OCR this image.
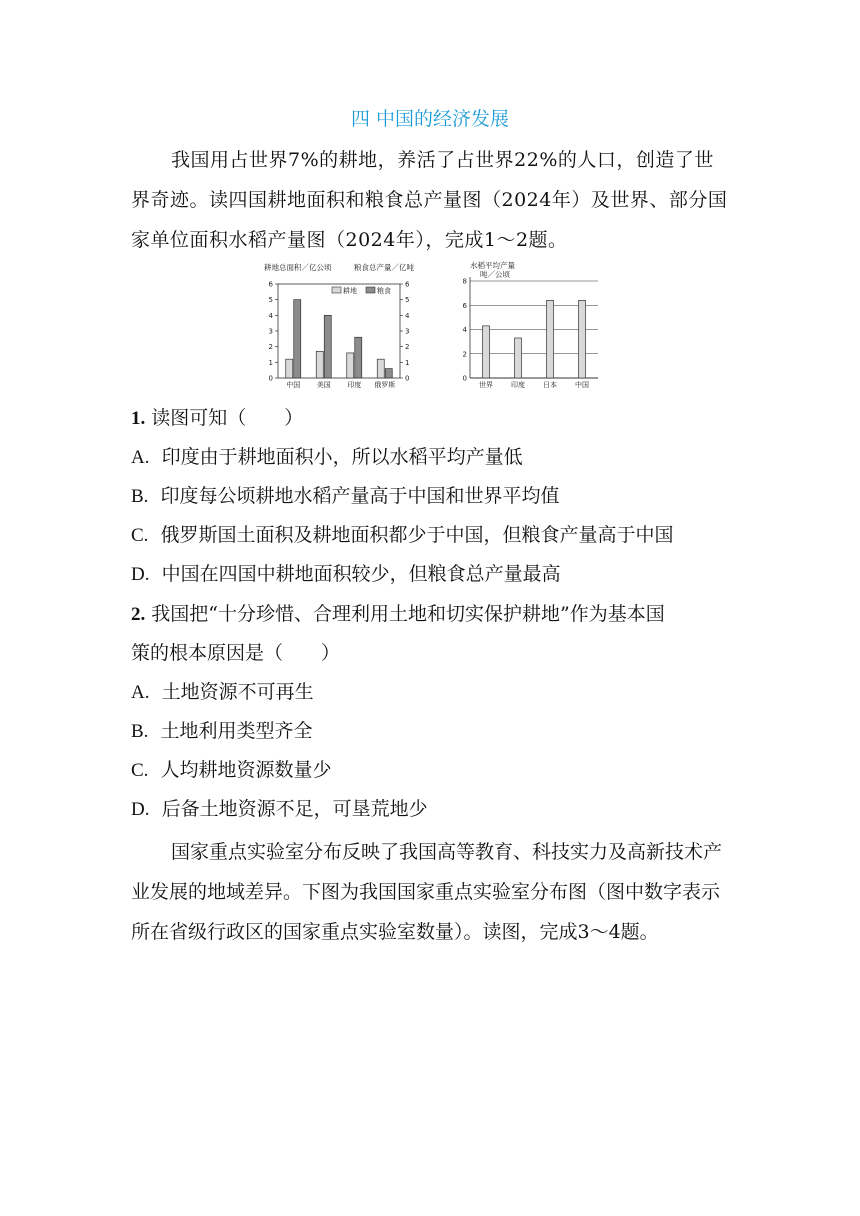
四 中国的经济发展

我国用占世界7%的耕地，养活了占世界22%的人口，创造了世界奇迹。读四国耕地面积和粮食总产量图（2024年）及世界、部分国家单位面积水稻产量图（2024年），完成1～2题。

耕地总面积／亿公顷	粮食总产量／亿吨
0	0
1	1
2	2
3	3
4	4
5	5
6	6
中国 美国 印度 俄罗斯
耕地	粮食
水稻平均产量
吨／公顷
0
2
4
6
8
世界	印度	日本	中国
1. 读图可知（　　）
A. 印度由于耕地面积小，所以水稻平均产量低
B. 印度每公顷耕地水稻产量高于中国和世界平均值
C. 俄罗斯国土面积及耕地面积都少于中国，但粮食产量高于中国
D. 中国在四国中耕地面积较少，但粮食总产量最高
2. 我国把“十分珍惜、合理利用土地和切实保护耕地”作为基本国
策的根本原因是（　　）
A. 土地资源不可再生
B. 土地利用类型齐全
C. 人均耕地资源数量少
D. 后备土地资源不足，可垦荒地少

国家重点实验室分布反映了我国高等教育、科技实力及高新技术产业发展的地域差异。下图为我国国家重点实验室分布图（图中数字表示所在省级行政区的国家重点实验室数量）。读图，完成3～4题。
